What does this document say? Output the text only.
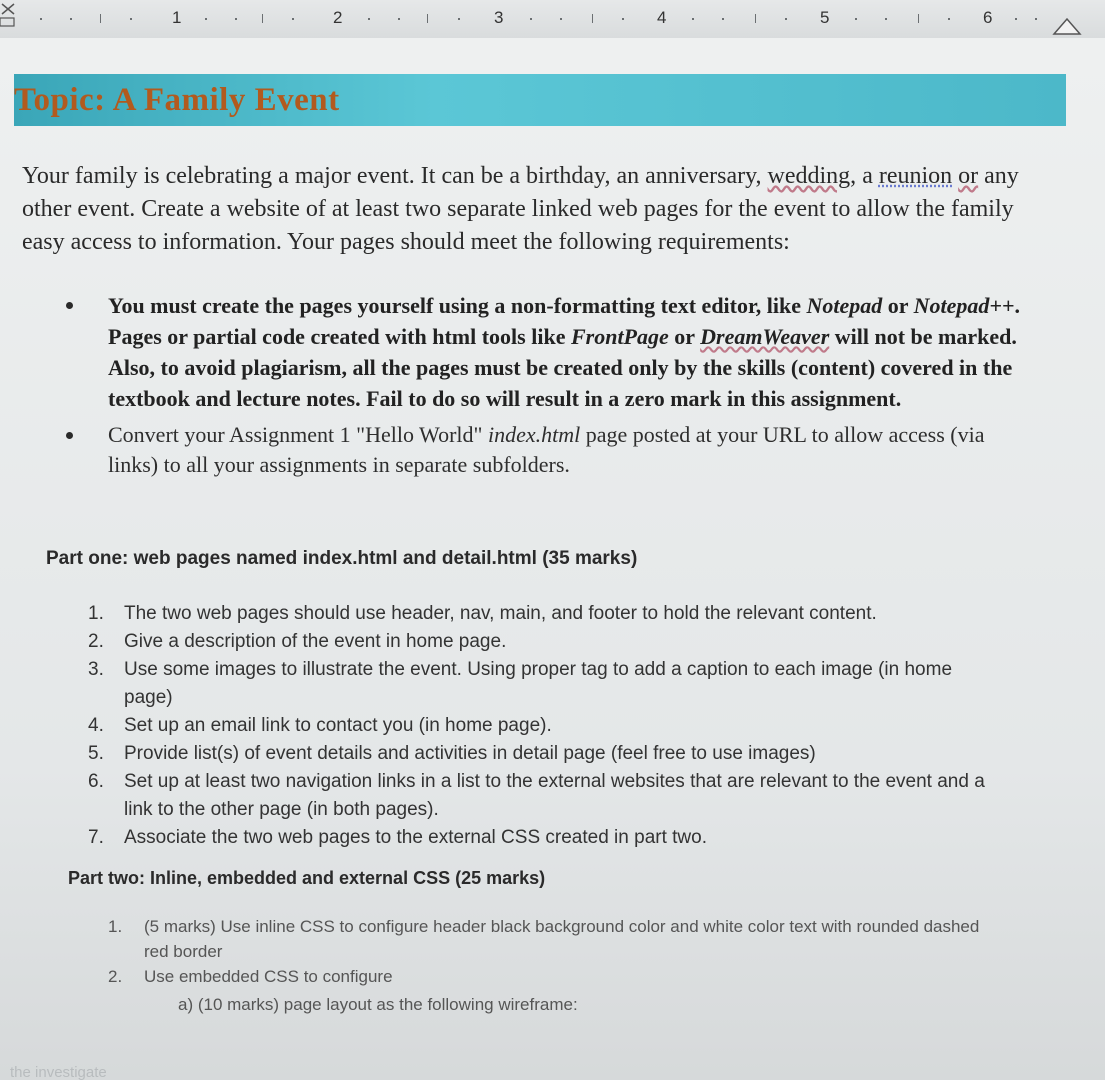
1	2	3	4	5	6
Topic: A Family Event
Your family is celebrating a major event. It can be a birthday, an anniversary, wedding, a reunion or any other event. Create a website of at least two separate linked web pages for the event to allow the family easy access to information. Your pages should meet the following requirements:
You must create the pages yourself using a non-formatting text editor, like Notepad or Notepad++. Pages or partial code created with html tools like FrontPage or DreamWeaver will not be marked. Also, to avoid plagiarism, all the pages must be created only by the skills (content) covered in the textbook and lecture notes. Fail to do so will result in a zero mark in this assignment.
Convert your Assignment 1 "Hello World" index.html page posted at your URL to allow access (via links) to all your assignments in separate subfolders.
Part one: web pages named index.html and detail.html (35 marks)
1. The two web pages should use header, nav, main, and footer to hold the relevant content.
2. Give a description of the event in home page.
3. Use some images to illustrate the event. Using proper tag to add a caption to each image (in home page)
4. Set up an email link to contact you (in home page).
5. Provide list(s) of event details and activities in detail page (feel free to use images)
6. Set up at least two navigation links in a list to the external websites that are relevant to the event and a link to the other page (in both pages).
7. Associate the two web pages to the external CSS created in part two.
Part two: Inline, embedded and external CSS (25 marks)
1. (5 marks) Use inline CSS to configure header black background color and white color text with rounded dashed red border
2. Use embedded CSS to configure
a) (10 marks) page layout as the following wireframe:
the investigate
